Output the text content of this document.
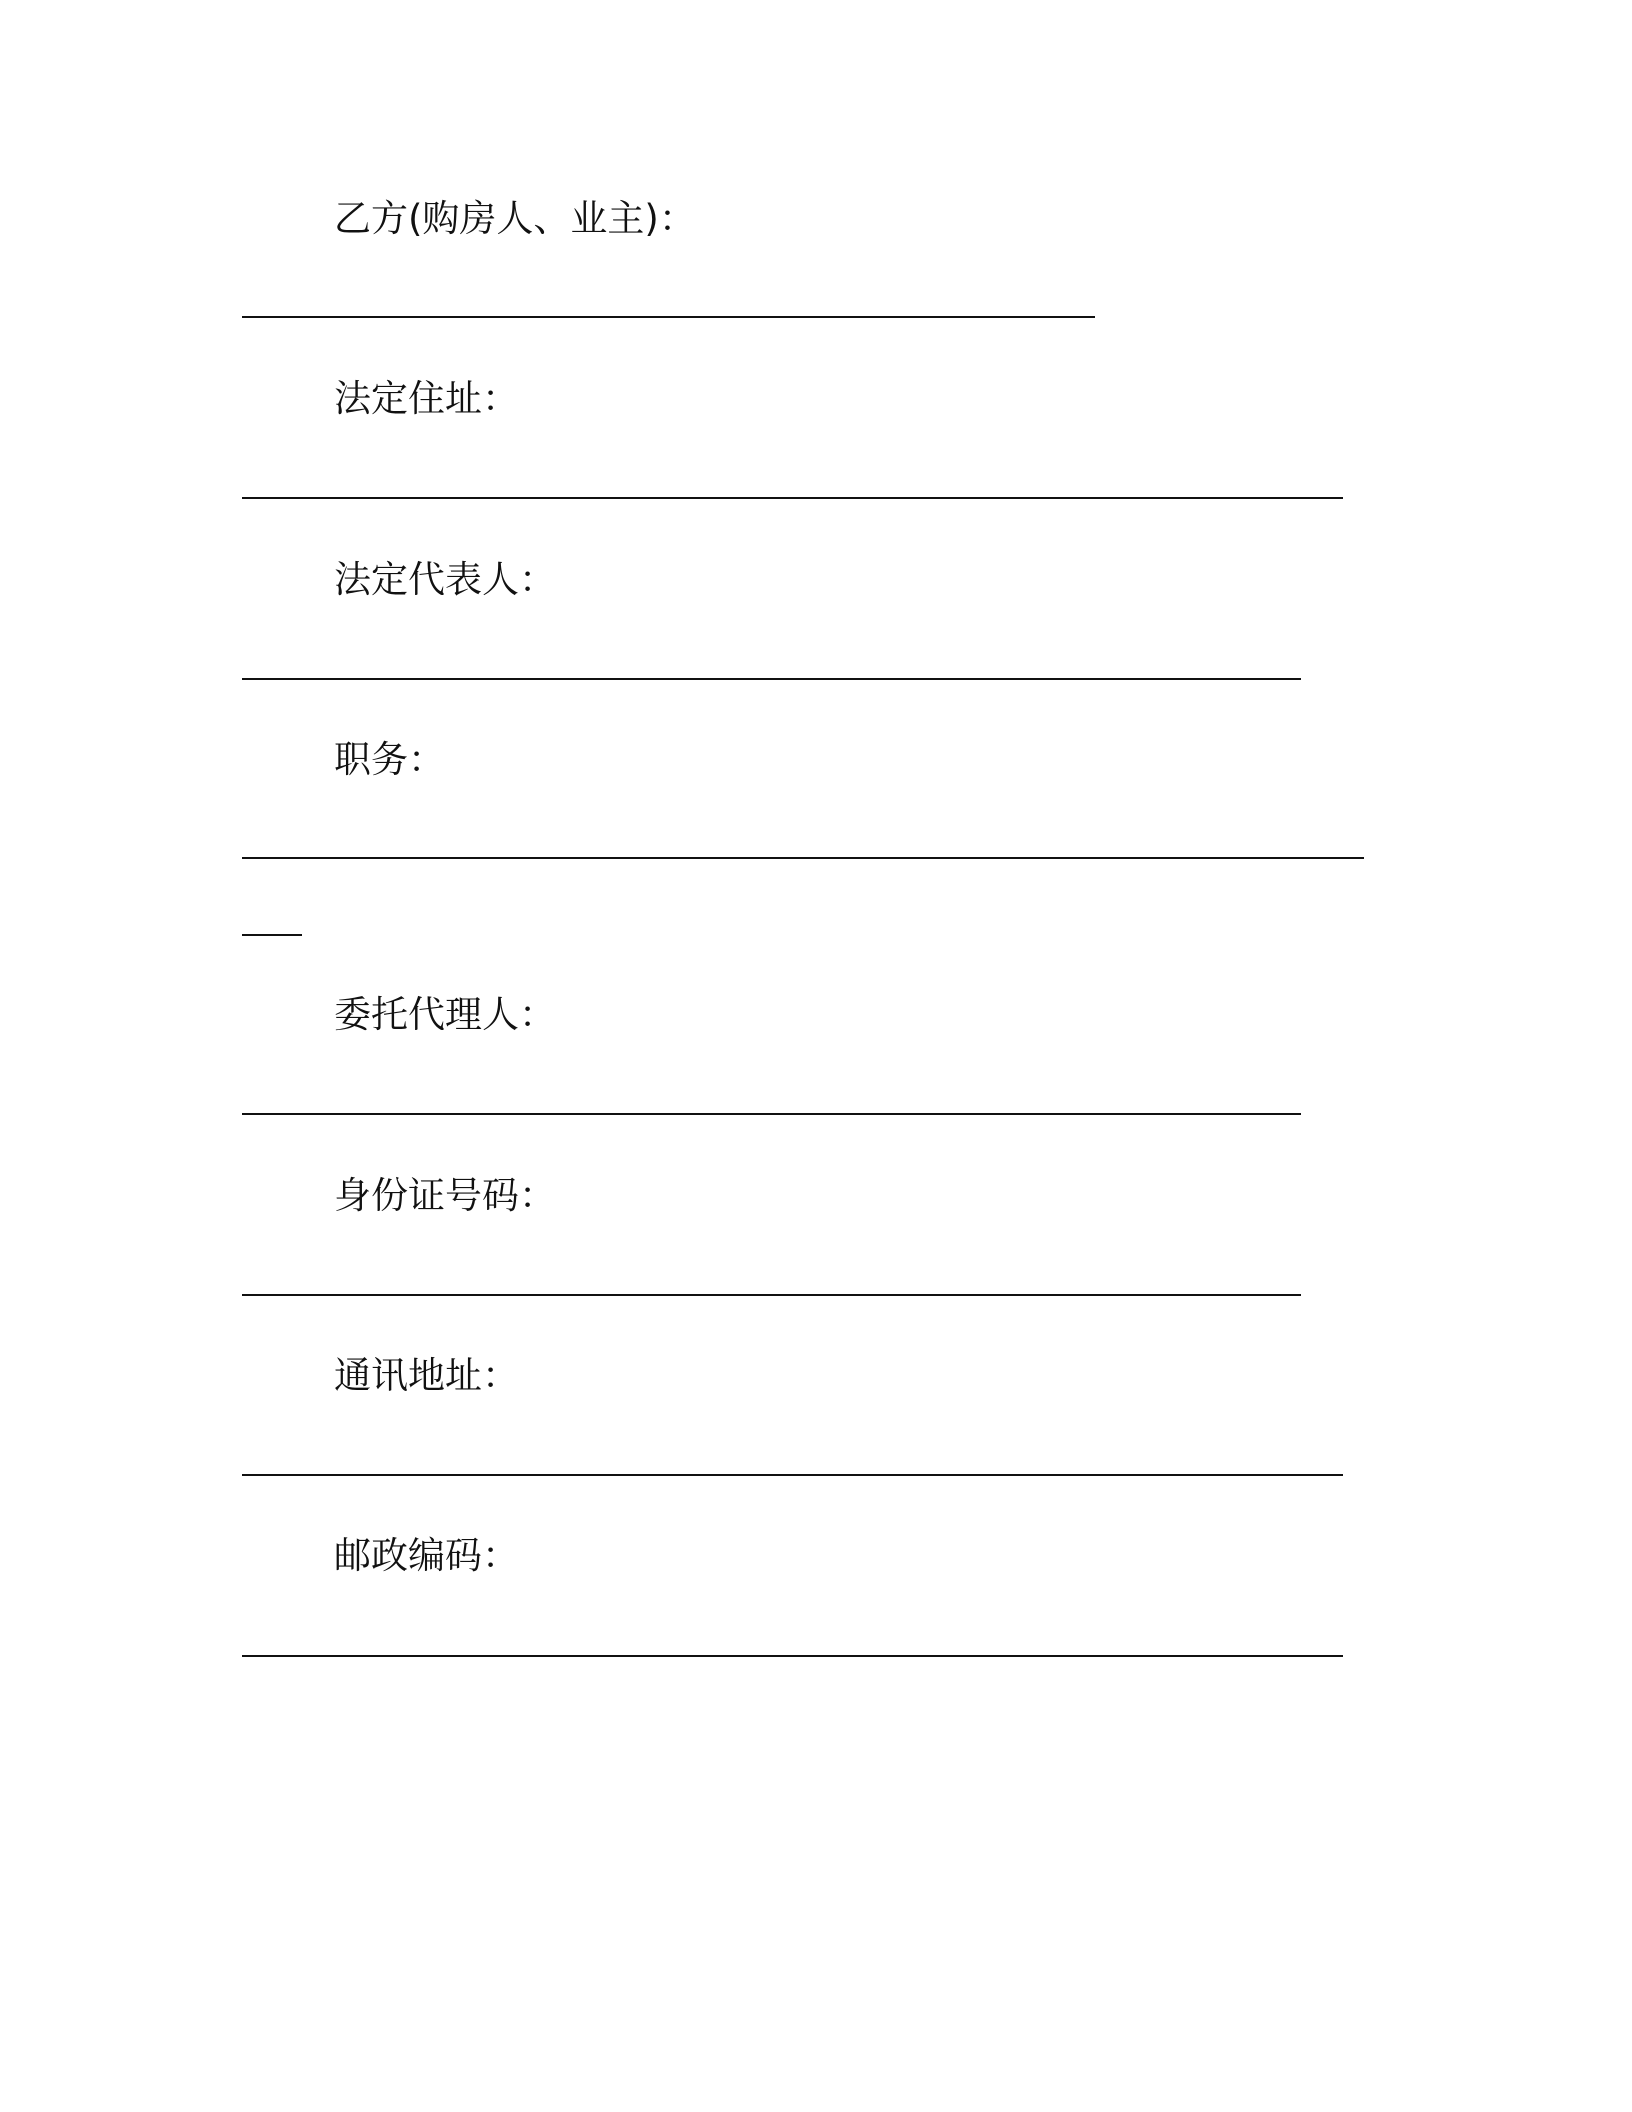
乙方(购房人、业主)：
法定住址：
法定代表人：
职务：
委托代理人：
身份证号码：
通讯地址：
邮政编码：
